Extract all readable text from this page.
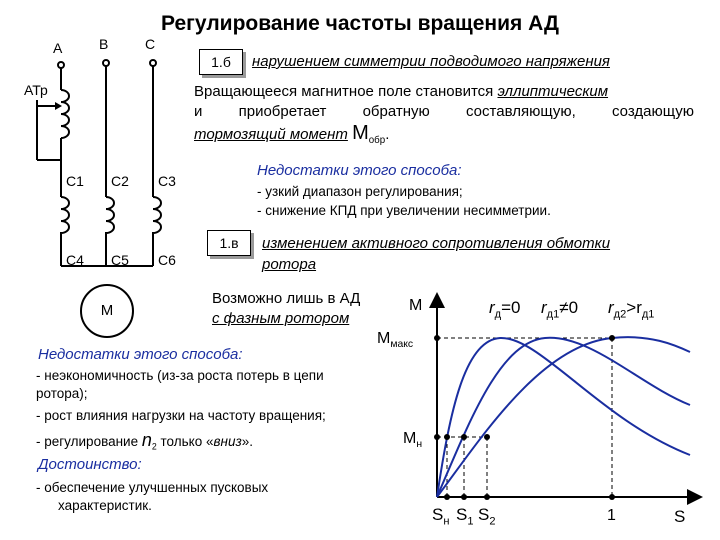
Регулирование частоты вращения АД
А	В	С
АТр
С1 С2 С3
С4 С5 С6
М
1.б	нарушением симметрии подводимого напряжения
Вращающееся магнитное поле становится эллиптическим
и приобретает обратную составляющую, создающую
тормозящий момент $М_{обр}$.
Недостатки этого способа:
- узкий диапазон регулирования;
- снижение КПД при увеличении несимметрии.
1.в	изменением активного сопротивления обмотки
ротора
Возможно лишь в АД
с фазным ротором
Недостатки этого способа:
- неэкономичность (из-за роста потерь в цепи
ротора);
- рост влияния нагрузки на частоту вращения;
- регулирование $n_2$ только «вниз».
Достоинство:
- обеспечение улучшенных пусковых
характеристик.
М
S
$М_{макс}$
$М_н$
$S_н$ $S_1$ $S_2$	1
$r_д=0$ $r_{д1}\ne 0$ $r_{д2}>r_{д1}$
